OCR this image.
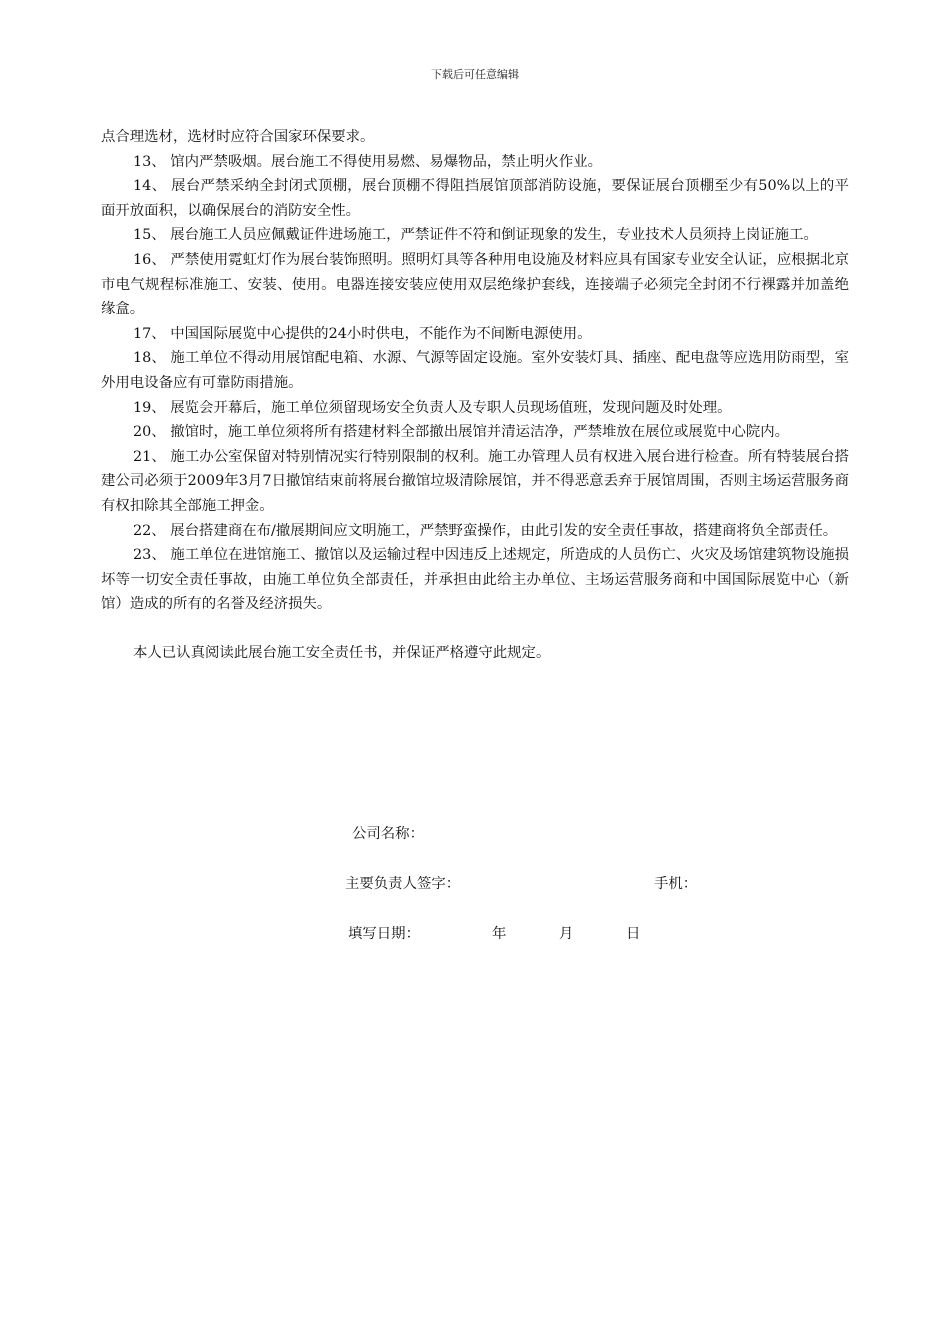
下载后可任意编辑

点合理选材，选材时应符合国家环保要求。

13、 馆内严禁吸烟。展台施工不得使用易燃、易爆物品，禁止明火作业。

14、 展台严禁采纳全封闭式顶棚，展台顶棚不得阻挡展馆顶部消防设施，要保证展台顶棚至少有50%以上的平面开放面积，以确保展台的消防安全性。

15、 展台施工人员应佩戴证件进场施工，严禁证件不符和倒证现象的发生，专业技术人员须持上岗证施工。

16、 严禁使用霓虹灯作为展台装饰照明。照明灯具等各种用电设施及材料应具有国家专业安全认证，应根据北京市电气规程标准施工、安装、使用。电器连接安装应使用双层绝缘护套线，连接端子必须完全封闭不行裸露并加盖绝缘盒。

17、 中国国际展览中心提供的24小时供电，不能作为不间断电源使用。

18、 施工单位不得动用展馆配电箱、水源、气源等固定设施。室外安装灯具、插座、配电盘等应选用防雨型，室外用电设备应有可靠防雨措施。

19、 展览会开幕后，施工单位须留现场安全负责人及专职人员现场值班，发现问题及时处理。

20、 撤馆时，施工单位须将所有搭建材料全部撤出展馆并清运洁净，严禁堆放在展位或展览中心院内。

21、 施工办公室保留对特别情况实行特别限制的权利。施工办管理人员有权进入展台进行检查。所有特装展台搭建公司必须于2009年3月7日撤馆结束前将展台撤馆垃圾清除展馆，并不得恶意丢弃于展馆周围，否则主场运营服务商有权扣除其全部施工押金。

22、 展台搭建商在布/撤展期间应文明施工，严禁野蛮操作，由此引发的安全责任事故，搭建商将负全部责任。

23、 施工单位在进馆施工、撤馆以及运输过程中因违反上述规定，所造成的人员伤亡、火灾及场馆建筑物设施损坏等一切安全责任事故，由施工单位负全部责任，并承担由此给主办单位、主场运营服务商和中国国际展览中心（新馆）造成的所有的名誉及经济损失。

本人已认真阅读此展台施工安全责任书，并保证严格遵守此规定。

公司名称：
主要负责人签字：	手机：
填写日期：	年	月	日
